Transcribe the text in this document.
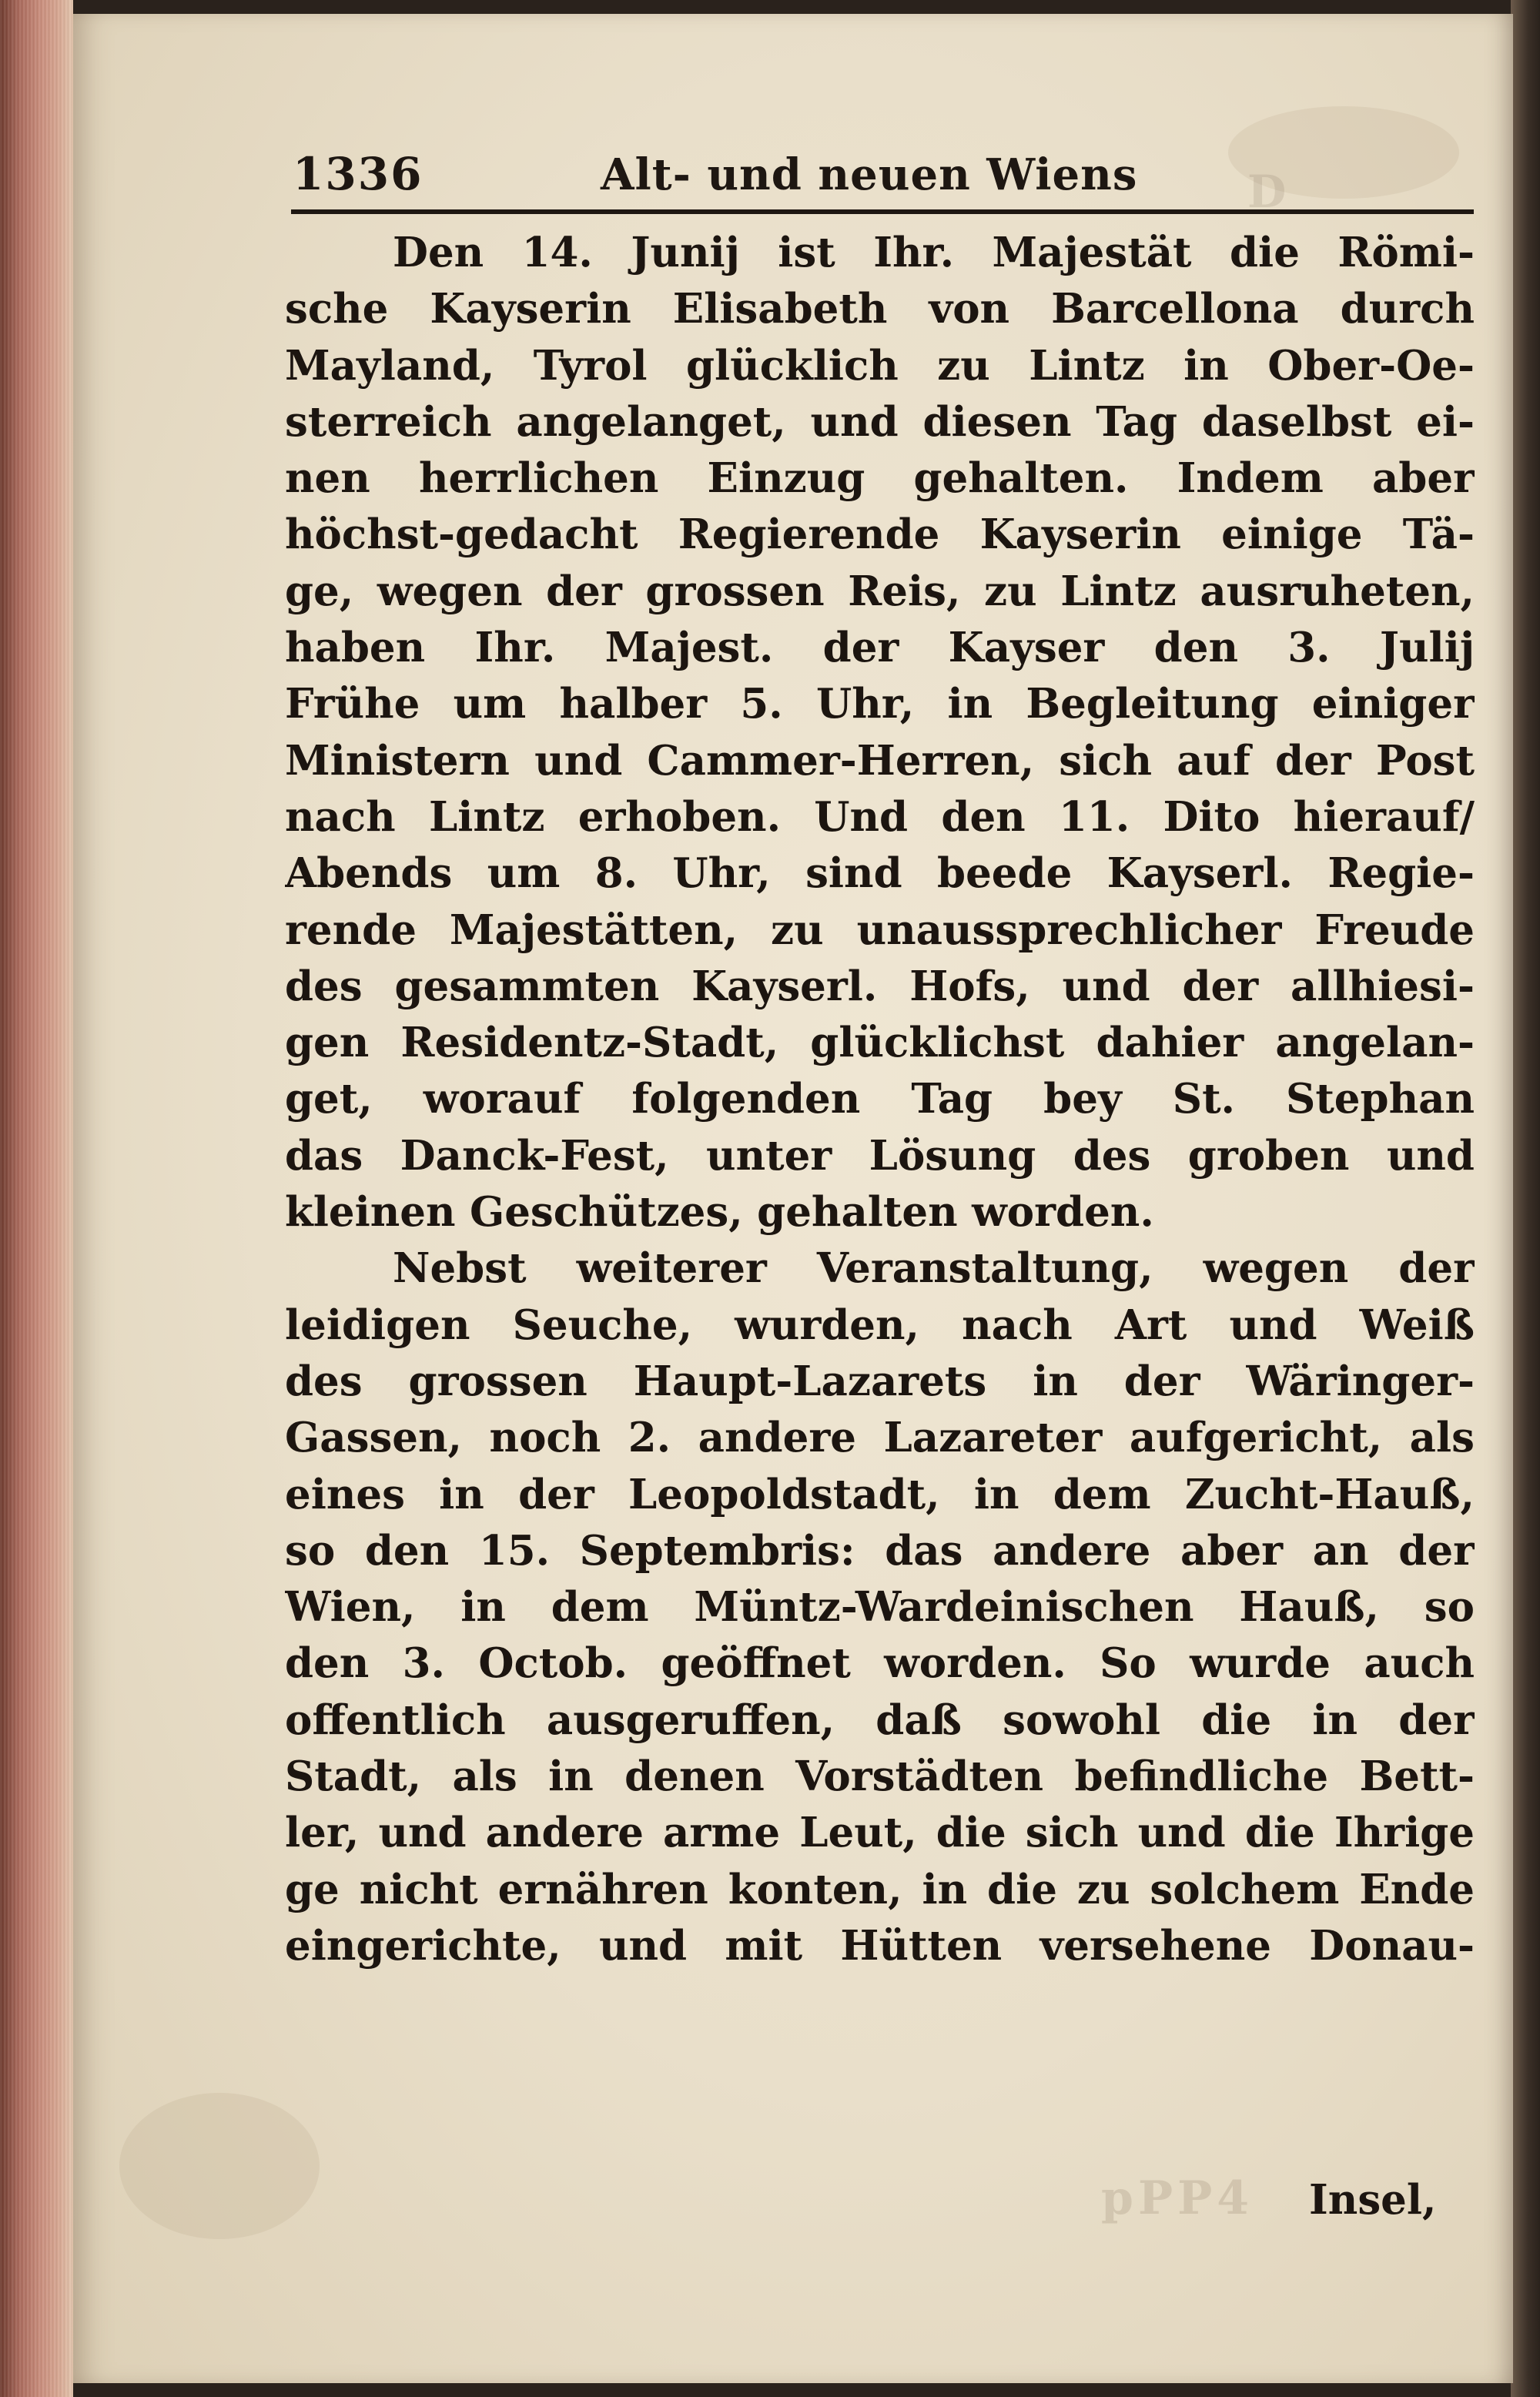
D
1336	Alt- und neuen Wiens
Den 14. Junij ist Ihr. Majestät die Römi-
sche Kayserin Elisabeth von Barcellona durch
Mayland, Tyrol glücklich zu Lintz in Ober-Oe-
sterreich angelanget, und diesen Tag daselbst ei-
nen herrlichen Einzug gehalten. Indem aber
höchst-gedacht Regierende Kayserin einige Tä-
ge, wegen der grossen Reis, zu Lintz ausruheten,
haben Ihr. Majest. der Kayser den 3. Julij
Frühe um halber 5. Uhr, in Begleitung einiger
Ministern und Cammer-Herren, sich auf der Post
nach Lintz erhoben. Und den 11. Dito hierauf/
Abends um 8. Uhr, sind beede Kayserl. Regie-
rende Majestätten, zu unaussprechlicher Freude
des gesammten Kayserl. Hofs, und der allhiesi-
gen Residentz-Stadt, glücklichst dahier angelan-
get, worauf folgenden Tag bey St. Stephan
das Danck-Fest, unter Lösung des groben und
kleinen Geschützes, gehalten worden.
Nebst weiterer Veranstaltung, wegen der
leidigen Seuche, wurden, nach Art und Weiß
des grossen Haupt-Lazarets in der Wäringer-
Gassen, noch 2. andere Lazareter aufgericht, als
eines in der Leopoldstadt, in dem Zucht-Hauß,
so den 15. Septembris: das andere aber an der
Wien, in dem Müntz-Wardeinischen Hauß, so
den 3. Octob. geöffnet worden. So wurde auch
offentlich ausgeruffen, daß sowohl die in der
Stadt, als in denen Vorstädten befindliche Bett-
ler, und andere arme Leut, die sich und die Ihrige
ge nicht ernähren konten, in die zu solchem Ende
eingerichte, und mit Hütten versehene Donau-
pPP4 Insel,
